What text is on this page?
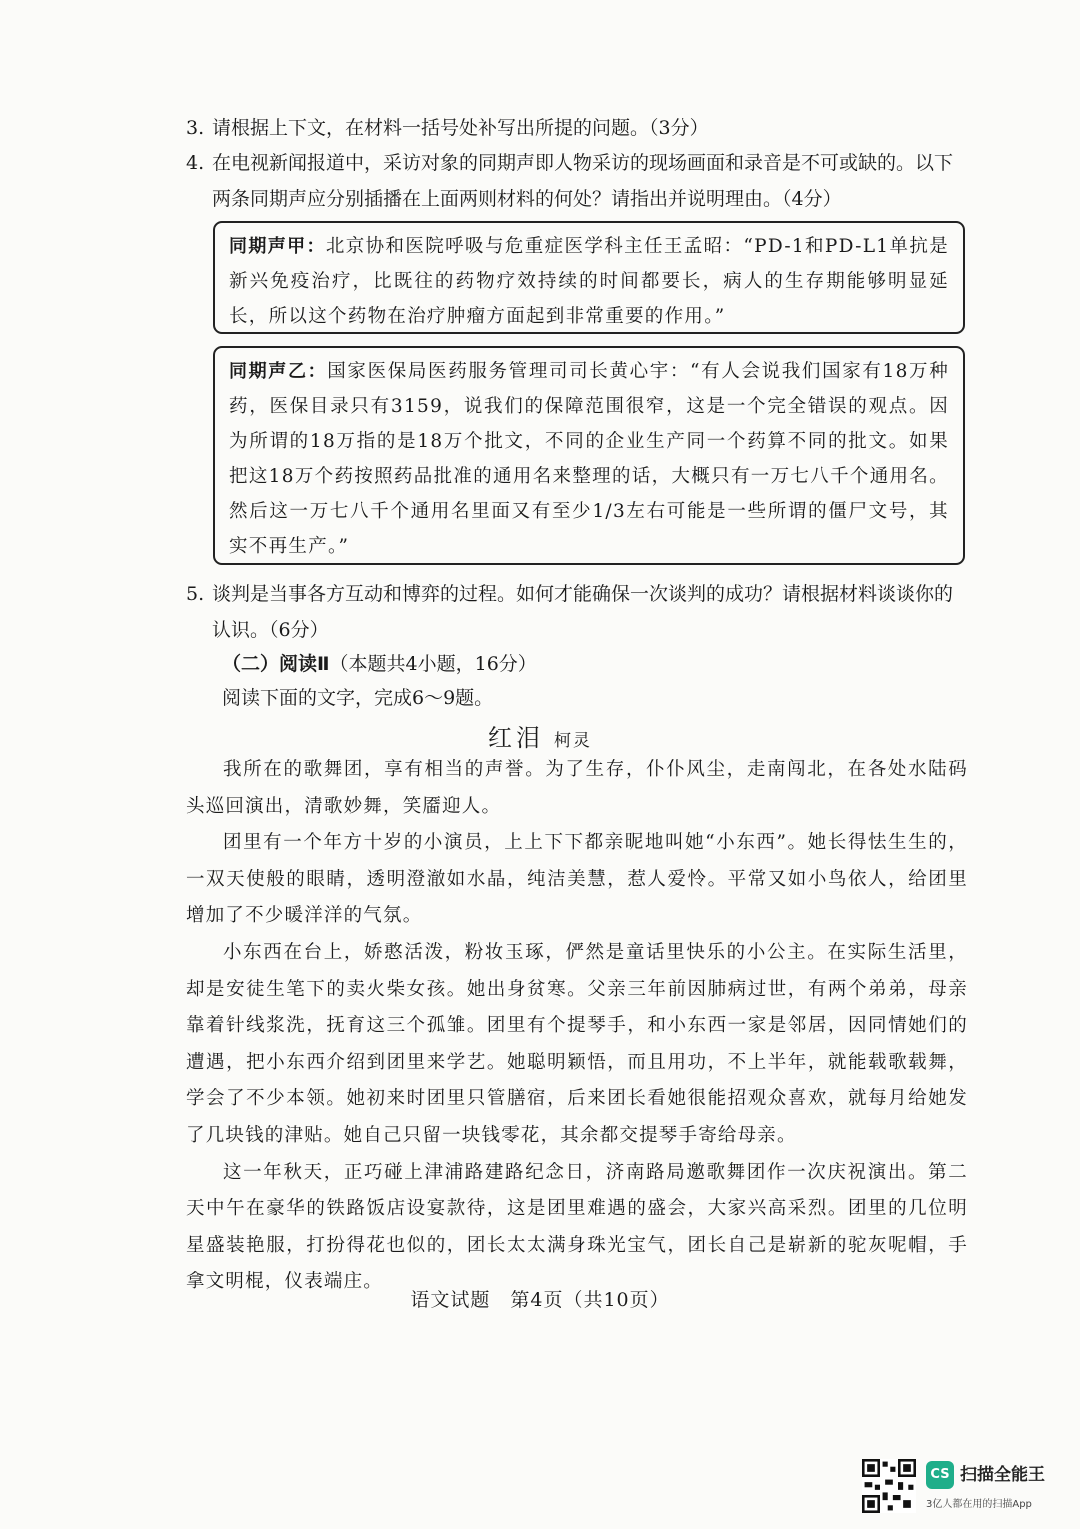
3. 请根据上下文，在材料一括号处补写出所提的问题。（3分）
4. 在电视新闻报道中，采访对象的同期声即人物采访的现场画面和录音是不可或缺的。以下
两条同期声应分别插播在上面两则材料的何处？请指出并说明理由。（4分）
同期声甲：北京协和医院呼吸与危重症医学科主任王孟昭：“PD-1和PD-L1单抗是新兴免疫治疗，比既往的药物疗效持续的时间都要长，病人的生存期能够明显延长，所以这个药物在治疗肿瘤方面起到非常重要的作用。”
同期声乙：国家医保局医药服务管理司司长黄心宇：“有人会说我们国家有18万种药，医保目录只有3159，说我们的保障范围很窄，这是一个完全错误的观点。因为所谓的18万指的是18万个批文，不同的企业生产同一个药算不同的批文。如果把这18万个药按照药品批准的通用名来整理的话，大概只有一万七八千个通用名。然后这一万七八千个通用名里面又有至少1/3左右可能是一些所谓的僵尸文号，其实不再生产。”
5. 谈判是当事各方互动和博弈的过程。如何才能确保一次谈判的成功？请根据材料谈谈你的
认识。（6分）
（二）阅读Ⅱ（本题共4小题，16分）
阅读下面的文字，完成6～9题。
红泪 柯灵

我所在的歌舞团，享有相当的声誉。为了生存，仆仆风尘，走南闯北，在各处水陆码头巡回演出，清歌妙舞，笑靥迎人。

团里有一个年方十岁的小演员，上上下下都亲昵地叫她“小东西”。她长得怯生生的，一双天使般的眼睛，透明澄澈如水晶，纯洁美慧，惹人爱怜。平常又如小鸟依人，给团里增加了不少暖洋洋的气氛。

小东西在台上，娇憨活泼，粉妆玉琢，俨然是童话里快乐的小公主。在实际生活里，却是安徒生笔下的卖火柴女孩。她出身贫寒。父亲三年前因肺病过世，有两个弟弟，母亲靠着针线浆洗，抚育这三个孤雏。团里有个提琴手，和小东西一家是邻居，因同情她们的遭遇，把小东西介绍到团里来学艺。她聪明颖悟，而且用功，不上半年，就能载歌载舞，学会了不少本领。她初来时团里只管膳宿，后来团长看她很能招观众喜欢，就每月给她发了几块钱的津贴。她自己只留一块钱零花，其余都交提琴手寄给母亲。

这一年秋天，正巧碰上津浦路建路纪念日，济南路局邀歌舞团作一次庆祝演出。第二天中午在豪华的铁路饭店设宴款待，这是团里难遇的盛会，大家兴高采烈。团里的几位明星盛装艳服，打扮得花也似的，团长太太满身珠光宝气，团长自己是崭新的驼灰呢帽，手拿文明棍，仪表端庄。

语文试题　第4页（共10页）
CS 扫描全能王
3亿人都在用的扫描App
